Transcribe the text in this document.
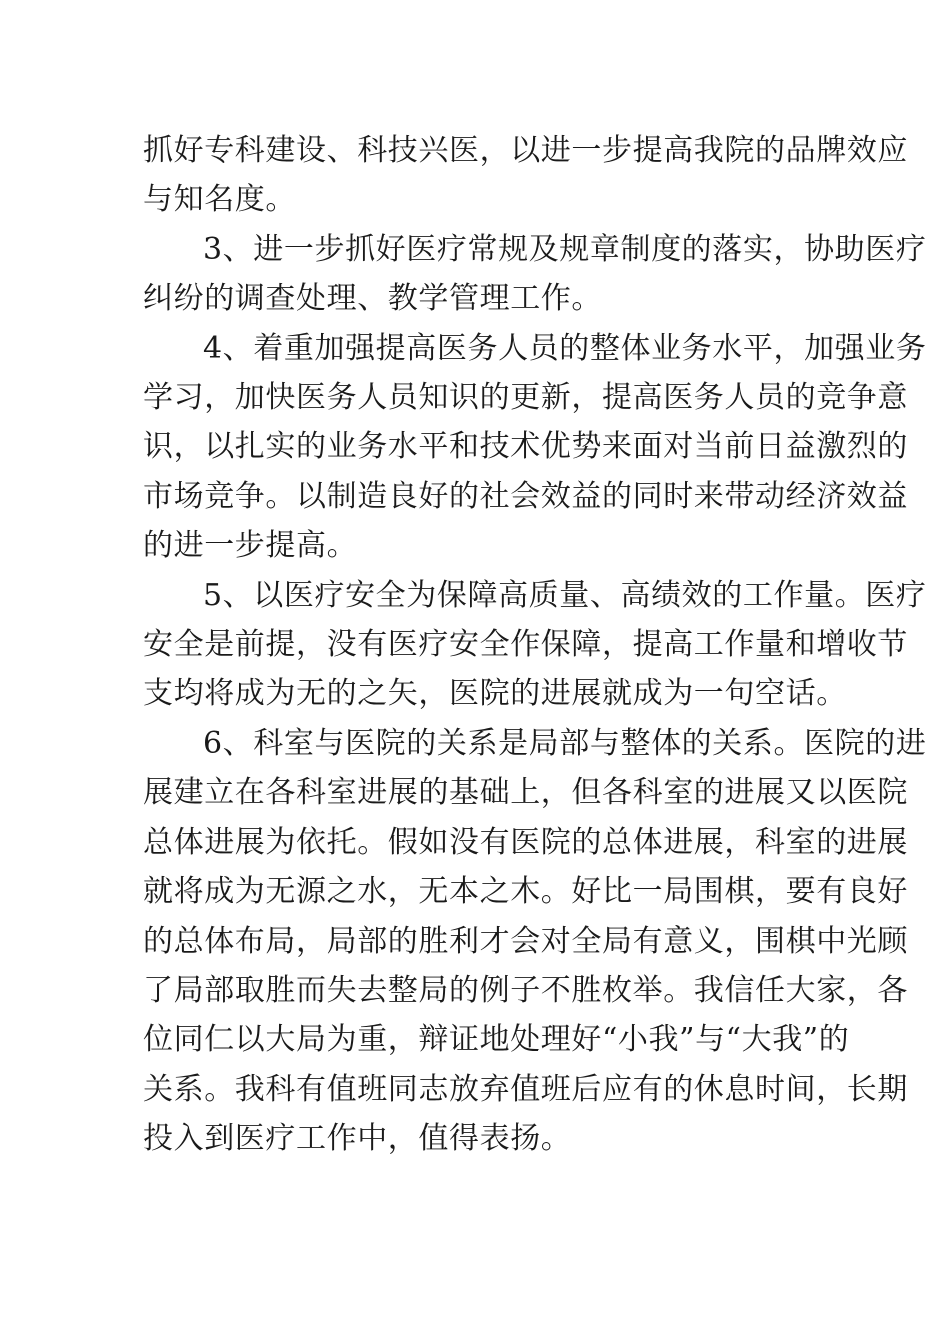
抓好专科建设、科技兴医，以进一步提高我院的品牌效应
与知名度。
3、进一步抓好医疗常规及规章制度的落实，协助医疗
纠纷的调查处理、教学管理工作。
4、着重加强提高医务人员的整体业务水平，加强业务
学习，加快医务人员知识的更新，提高医务人员的竞争意
识，以扎实的业务水平和技术优势来面对当前日益激烈的
市场竞争。以制造良好的社会效益的同时来带动经济效益
的进一步提高。
5、以医疗安全为保障高质量、高绩效的工作量。医疗
安全是前提，没有医疗安全作保障，提高工作量和增收节
支均将成为无的之矢，医院的进展就成为一句空话。
6、科室与医院的关系是局部与整体的关系。医院的进
展建立在各科室进展的基础上，但各科室的进展又以医院
总体进展为依托。假如没有医院的总体进展，科室的进展
就将成为无源之水，无本之木。好比一局围棋，要有良好
的总体布局，局部的胜利才会对全局有意义，围棋中光顾
了局部取胜而失去整局的例子不胜枚举。我信任大家，各
位同仁以大局为重，辩证地处理好“小我”与“大我”的
关系。我科有值班同志放弃值班后应有的休息时间，长期
投入到医疗工作中，值得表扬。
